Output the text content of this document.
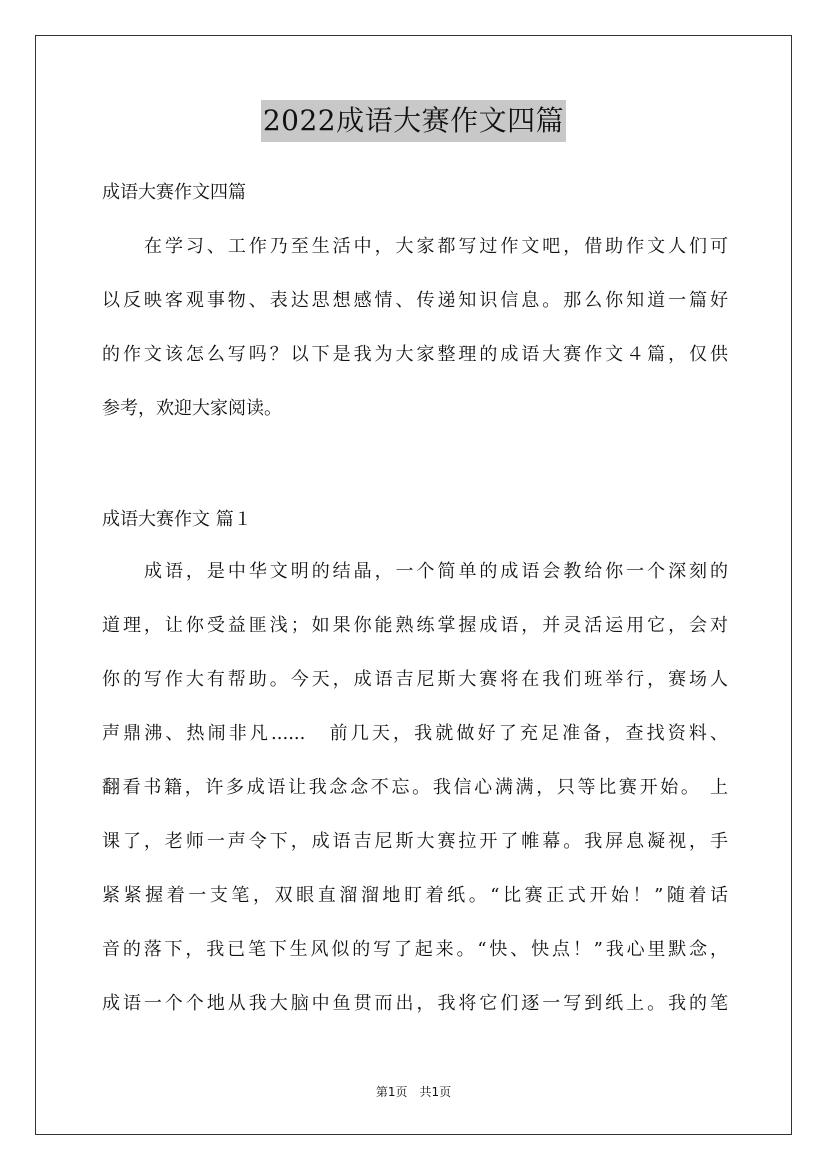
2022成语大赛作文四篇

成语大赛作文四篇

在学习、工作乃至生活中，大家都写过作文吧，借助作文人们可
以反映客观事物、表达思想感情、传递知识信息。那么你知道一篇好
的作文该怎么写吗？以下是我为大家整理的成语大赛作文４篇，仅供
参考，欢迎大家阅读。

成语大赛作文 篇１

成语，是中华文明的结晶，一个简单的成语会教给你一个深刻的
道理，让你受益匪浅；如果你能熟练掌握成语，并灵活运用它，会对
你的写作大有帮助。今天，成语吉尼斯大赛将在我们班举行，赛场人
声鼎沸、热闹非凡......　前几天，我就做好了充足准备，查找资料、
翻看书籍，许多成语让我念念不忘。我信心满满，只等比赛开始。 上
课了，老师一声令下，成语吉尼斯大赛拉开了帷幕。我屏息凝视，手
紧紧握着一支笔，双眼直溜溜地盯着纸。“比赛正式开始！”随着话
音的落下，我已笔下生风似的写了起来。“快、快点！”我心里默念，
成语一个个地从我大脑中鱼贯而出，我将它们逐一写到纸上。我的笔
第1页　共1页
